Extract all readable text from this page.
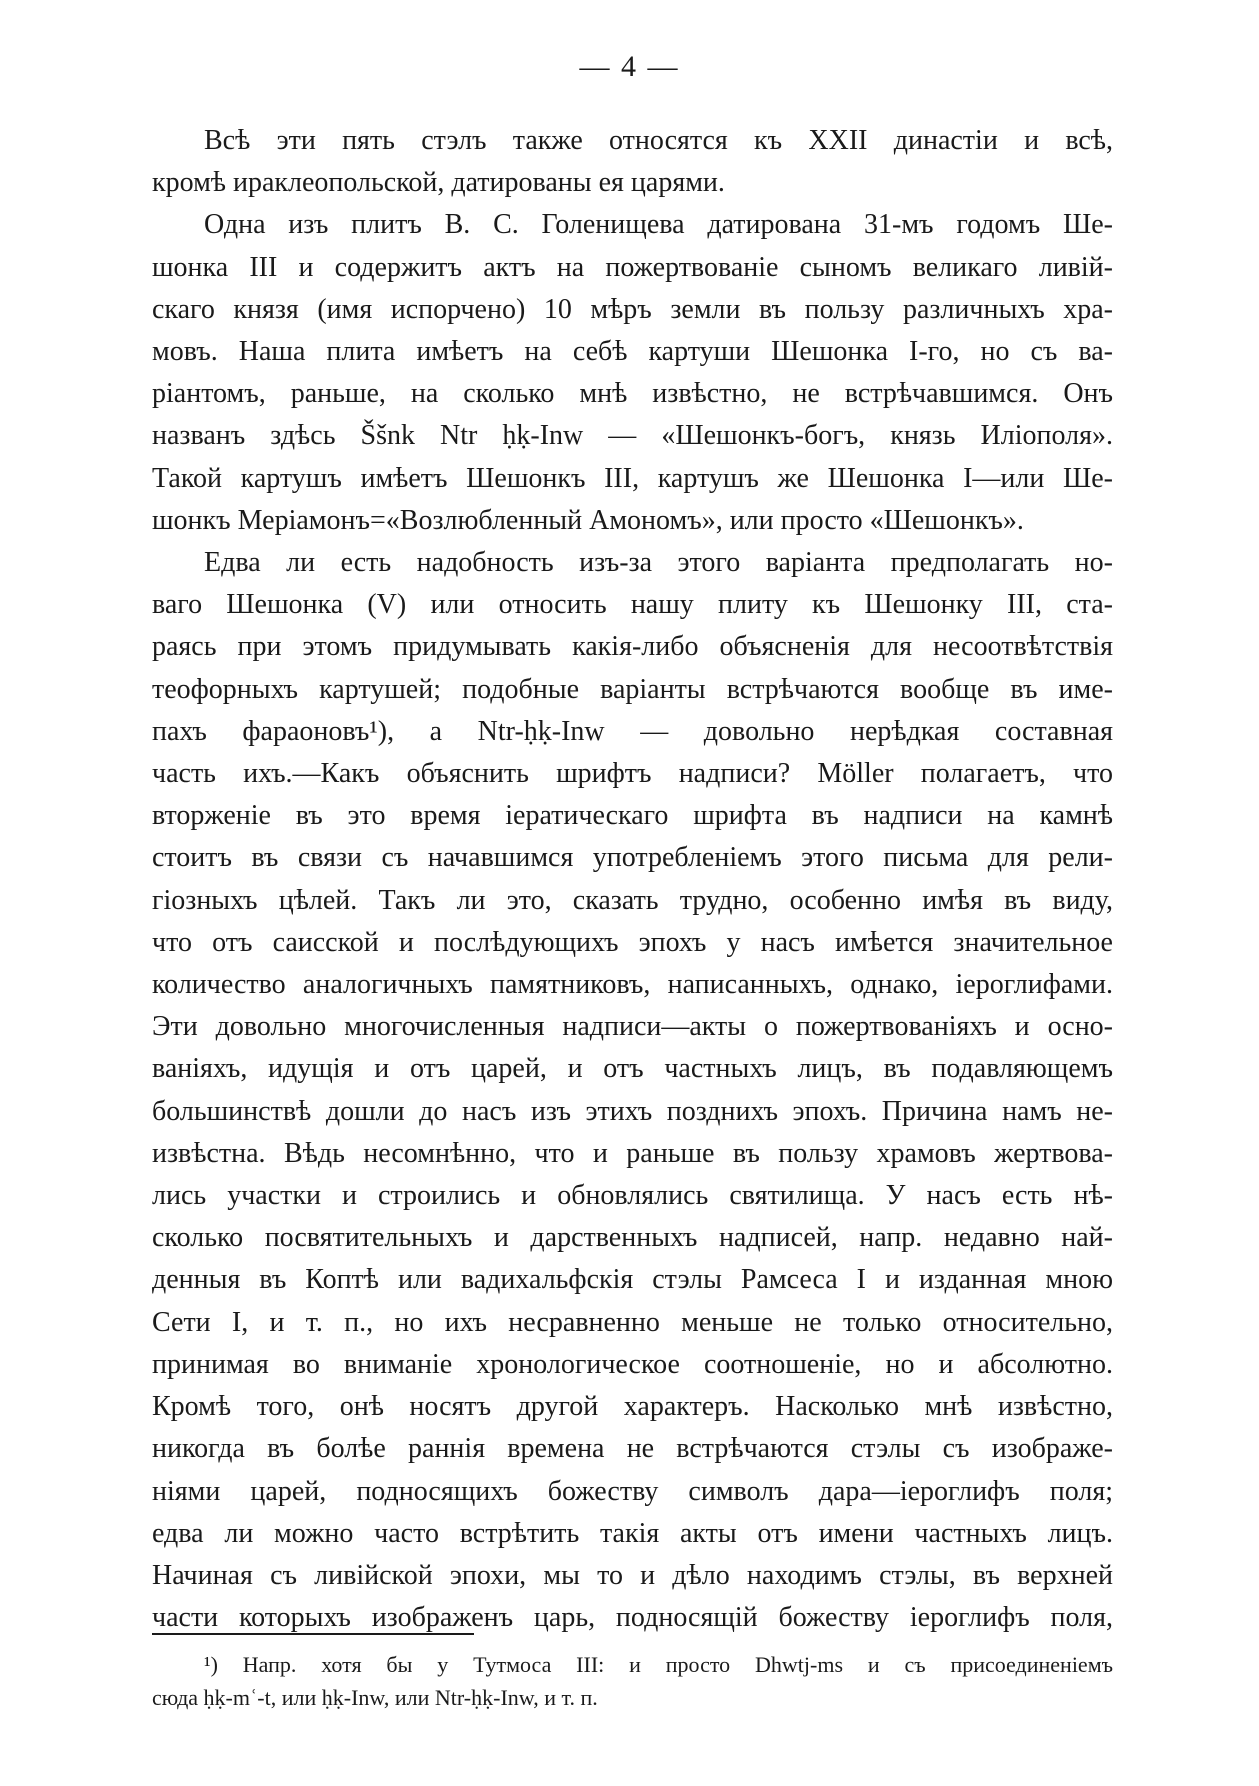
— 4 —

Всѣ эти пять стэлъ также относятся къ XXII династіи и всѣ,
кромѣ ираклеопольской, датированы ея царями.

Одна изъ плитъ В. С. Голенищева датирована 31-мъ годомъ Ше-
шонка III и содержитъ актъ на пожертвованіе сыномъ великаго ливій-
скаго князя (имя испорчено) 10 мѣръ земли въ пользу различныхъ хра-
мовъ. Наша плита имѣетъ на себѣ картуши Шешонка I-го, но съ ва-
ріантомъ, раньше, на сколько мнѣ извѣстно, не встрѣчавшимся. Онъ
названъ здѣсь Ššnk Ntr ḥḳ-Inw — «Шешонкъ-богъ, князь Иліополя».
Такой картушъ имѣетъ Шешонкъ III, картушъ же Шешонка I—или Ше-
шонкъ Меріамонъ=«Возлюбленный Амономъ», или просто «Шешонкъ».

Едва ли есть надобность изъ-за этого варіанта предполагать но-
ваго Шешонка (V) или относить нашу плиту къ Шешонку III, ста-
раясь при этомъ придумывать какія-либо объясненія для несоотвѣтствія
теофорныхъ картушей; подобные варіанты встрѣчаются вообще въ име-
пахъ фараоновъ¹), а Ntr-ḥḳ-Inw — довольно нерѣдкая составная
часть ихъ.—Какъ объяснить шрифтъ надписи? Möller полагаетъ, что
вторженіе въ это время іератическаго шрифта въ надписи на камнѣ
стоитъ въ связи съ начавшимся употребленіемъ этого письма для рели-
гіозныхъ цѣлей. Такъ ли это, сказать трудно, особенно имѣя въ виду,
что отъ саисской и послѣдующихъ эпохъ у насъ имѣется значительное
количество аналогичныхъ памятниковъ, написанныхъ, однако, іероглифами.
Эти довольно многочисленныя надписи—акты о пожертвованіяхъ и осно-
ваніяхъ, идущія и отъ царей, и отъ частныхъ лицъ, въ подавляющемъ
большинствѣ дошли до насъ изъ этихъ позднихъ эпохъ. Причина намъ не-
извѣстна. Вѣдь несомнѣнно, что и раньше въ пользу храмовъ жертвова-
лись участки и строились и обновлялись святилища. У насъ есть нѣ-
сколько посвятительныхъ и дарственныхъ надписей, напр. недавно най-
денныя въ Коптѣ или вадихальфскія стэлы Рамсеса I и изданная мною
Сети I, и т. п., но ихъ несравненно меньше не только относительно,
принимая во вниманіе хронологическое соотношеніе, но и абсолютно.
Кромѣ того, онѣ носятъ другой характеръ. Насколько мнѣ извѣстно,
никогда въ болѣе раннія времена не встрѣчаются стэлы съ изображе-
ніями царей, подносящихъ божеству символъ дара—іероглифъ поля;
едва ли можно часто встрѣтить такія акты отъ имени частныхъ лицъ.
Начиная съ ливійской эпохи, мы то и дѣло находимъ стэлы, въ верхней
части которыхъ изображенъ царь, подносящій божеству іероглифъ поля,

¹) Напр. хотя бы у Тутмоса III: и просто Dhwtj-ms и съ присоединеніемъ
сюда ḥḳ-mʿ-t, или ḥḳ-Inw, или Ntr-ḥḳ-Inw, и т. п.
